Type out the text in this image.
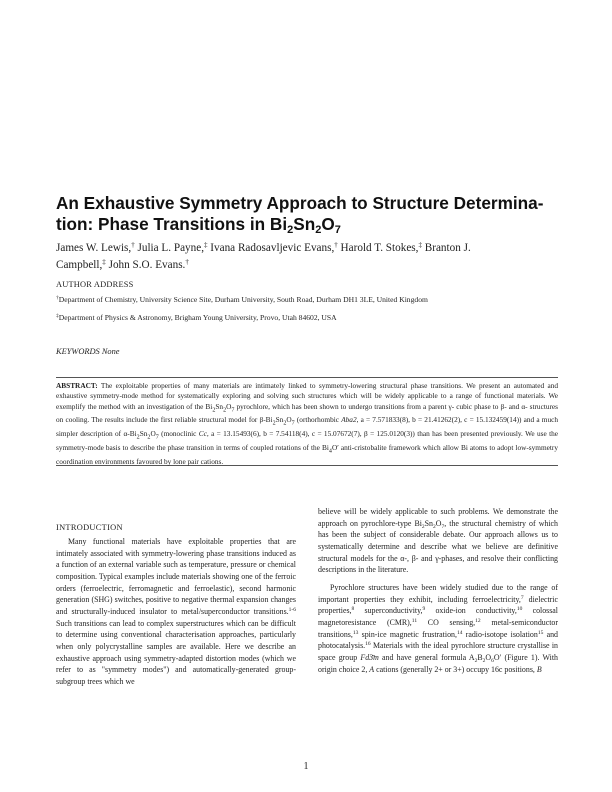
An Exhaustive Symmetry Approach to Structure Determina-
tion: Phase Transitions in $Bi_2Sn_2O_7$
James W. Lewis,† Julia L. Payne,‡ Ivana Radosavljevic Evans,† Harold T. Stokes,‡ Branton J.
Campbell,‡ John S.O. Evans.†
AUTHOR ADDRESS
†Department of Chemistry, University Science Site, Durham University, South Road, Durham DH1 3LE, United Kingdom
‡Department of Physics & Astronomy, Brigham Young University, Provo, Utah 84602, USA
KEYWORDS None
ABSTRACT: The exploitable properties of many materials are intimately linked to symmetry-lowering structural phase transitions. We present an automated and exhaustive symmetry-mode method for systematically exploring and solving such structures which will be widely applicable to a range of functional materials. We exemplify the method with an investigation of the $Bi_2Sn_2O_7$ pyrochlore, which has been shown to undergo transitions from a parent γ- cubic phase to β- and α- structures on cooling. The results include the first reliable structural model for $\beta-Bi_2Sn_2O_7$ (orthorhombic Aba2, a = 7.571833(8), b = 21.41262(2), c = 15.132459(14)) and a much simpler description of $\alpha-Bi_2Sn_2O_7$ (monoclinic Cc, a = 13.15493(6), b = 7.54118(4), c = 15.07672(7), β = 125.0120(3)) than has been presented previously. We use the symmetry-mode basis to describe the phase transition in terms of coupled rotations of the $Bi_4O'$ anti-cristobalite framework which allow Bi atoms to adopt low-symmetry coordination environments favoured by lone pair cations.
INTRODUCTION

Many functional materials have exploitable properties that are intimately associated with symmetry-lowering phase transitions induced as a function of an external variable such as temperature, pressure or chemical composition. Typical examples include materials showing one of the ferroic orders (ferroelectric, ferromagnetic and ferroelastic), second harmonic generation (SHG) switches, positive to negative thermal expansion changes and structurally-induced insulator to metal/superconductor transitions.$^{1-6}$ Such transitions can lead to complex superstructures which can be difficult to determine using conventional characterisation approaches, particularly when only polycrystalline samples are available. Here we describe an exhaustive approach using symmetry-adapted distortion modes (which we refer to as "symmetry modes") and automatically-generated group-subgroup trees which we

believe will be widely applicable to such problems. We demonstrate the approach on pyrochlore-type $Bi_2Sn_2O_7$, the structural chemistry of which has been the subject of considerable debate. Our approach allows us to systematically determine and describe what we believe are definitive structural models for the α-, β- and γ-phases, and resolve their conflicting descriptions in the literature.

Pyrochlore structures have been widely studied due to the range of important properties they exhibit, including ferroelectricity,$^7$ dielectric properties,$^8$ superconductivity,$^9$ oxide-ion conductivity,$^{10}$ colossal magnetoresistance (CMR),$^{11}$ CO sensing,$^{12}$ metal-semiconductor transitions,$^{13}$ spin-ice magnetic frustration,$^{14}$ radio-isotope isolation$^{15}$ and photocatalysis.$^{16}$ Materials with the ideal pyrochlore structure crystallise in space group Fd3̄m and have general formula $A_2B_2O_6O'$ (Figure 1). With origin choice 2, A cations (generally 2+ or 3+) occupy 16c positions, B

1
